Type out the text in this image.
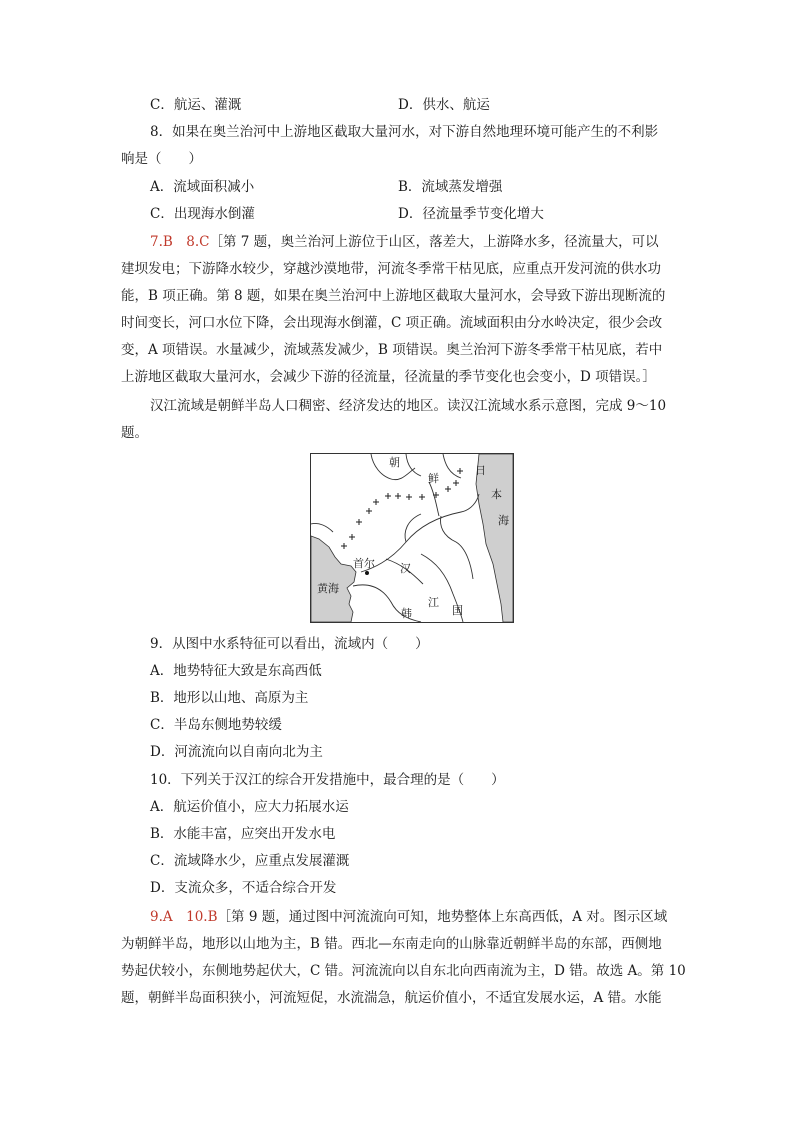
C．航运、灌溉	D．供水、航运
8．如果在奥兰治河中上游地区截取大量河水，对下游自然地理环境可能产生的不利影
响是（　　）
A．流域面积减小	B．流域蒸发增强
C．出现海水倒灌	D．径流量季节变化增大
7.B　8.C［第 7 题，奥兰治河上游位于山区，落差大，上游降水多，径流量大，可以
建坝发电；下游降水较少，穿越沙漠地带，河流冬季常干枯见底，应重点开发河流的供水功
能，B 项正确。第 8 题，如果在奥兰治河中上游地区截取大量河水，会导致下游出现断流的
时间变长，河口水位下降，会出现海水倒灌，C 项正确。流域面积由分水岭决定，很少会改
变，A 项错误。水量减少，流域蒸发减少，B 项错误。奥兰治河下游冬季常干枯见底，若中
上游地区截取大量河水，会减少下游的径流量，径流量的季节变化也会变小，D 项错误。］
汉江流域是朝鲜半岛人口稠密、经济发达的地区。读汉江流域水系示意图，完成 9～10
题。
朝
鲜
日
本
海
黄海
首尔 汉
江
韩	国
9．从图中水系特征可以看出，流域内（　　）
A．地势特征大致是东高西低
B．地形以山地、高原为主
C．半岛东侧地势较缓
D．河流流向以自南向北为主
10．下列关于汉江的综合开发措施中，最合理的是（　　）
A．航运价值小，应大力拓展水运
B．水能丰富，应突出开发水电
C．流域降水少，应重点发展灌溉
D．支流众多，不适合综合开发
9.A　10.B［第 9 题，通过图中河流流向可知，地势整体上东高西低，A 对。图示区域
为朝鲜半岛，地形以山地为主，B 错。西北—东南走向的山脉靠近朝鲜半岛的东部，西侧地
势起伏较小，东侧地势起伏大，C 错。河流流向以自东北向西南流为主，D 错。故选 A。第 10
题，朝鲜半岛面积狭小，河流短促，水流湍急，航运价值小，不适宜发展水运，A 错。水能
